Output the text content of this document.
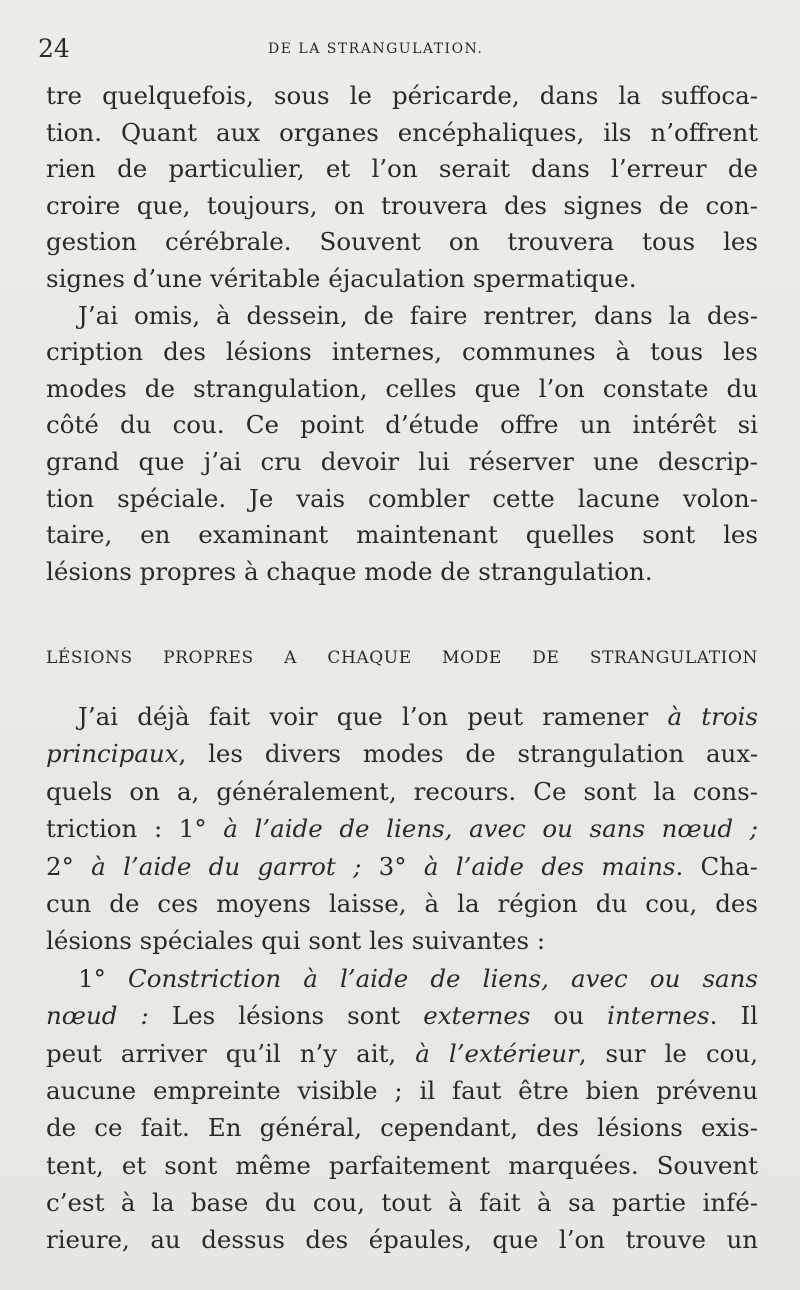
24	DE LA STRANGULATION.
tre quelquefois, sous le péricarde, dans la suffoca-
tion. Quant aux organes encéphaliques, ils n’offrent
rien de particulier, et l’on serait dans l’erreur de
croire que, toujours, on trouvera des signes de con-
gestion cérébrale. Souvent on trouvera tous les
signes d’une véritable éjaculation spermatique.
J’ai omis, à dessein, de faire rentrer, dans la des-
cription des lésions internes, communes à tous les
modes de strangulation, celles que l’on constate du
côté du cou. Ce point d’étude offre un intérêt si
grand que j’ai cru devoir lui réserver une descrip-
tion spéciale. Je vais combler cette lacune volon-
taire, en examinant maintenant quelles sont les
lésions propres à chaque mode de strangulation.
LÉSIONS PROPRES A CHAQUE MODE DE STRANGULATION
J’ai déjà fait voir que l’on peut ramener à trois
principaux, les divers modes de strangulation aux-
quels on a, généralement, recours. Ce sont la cons-
triction : 1° à l’aide de liens, avec ou sans nœud ;
2° à l’aide du garrot ; 3° à l’aide des mains. Cha-
cun de ces moyens laisse, à la région du cou, des
lésions spéciales qui sont les suivantes :
1° Constriction à l’aide de liens, avec ou sans
nœud : Les lésions sont externes ou internes. Il
peut arriver qu’il n’y ait, à l’extérieur, sur le cou,
aucune empreinte visible ; il faut être bien prévenu
de ce fait. En général, cependant, des lésions exis-
tent, et sont même parfaitement marquées. Souvent
c’est à la base du cou, tout à fait à sa partie infé-
rieure, au dessus des épaules, que l’on trouve un
